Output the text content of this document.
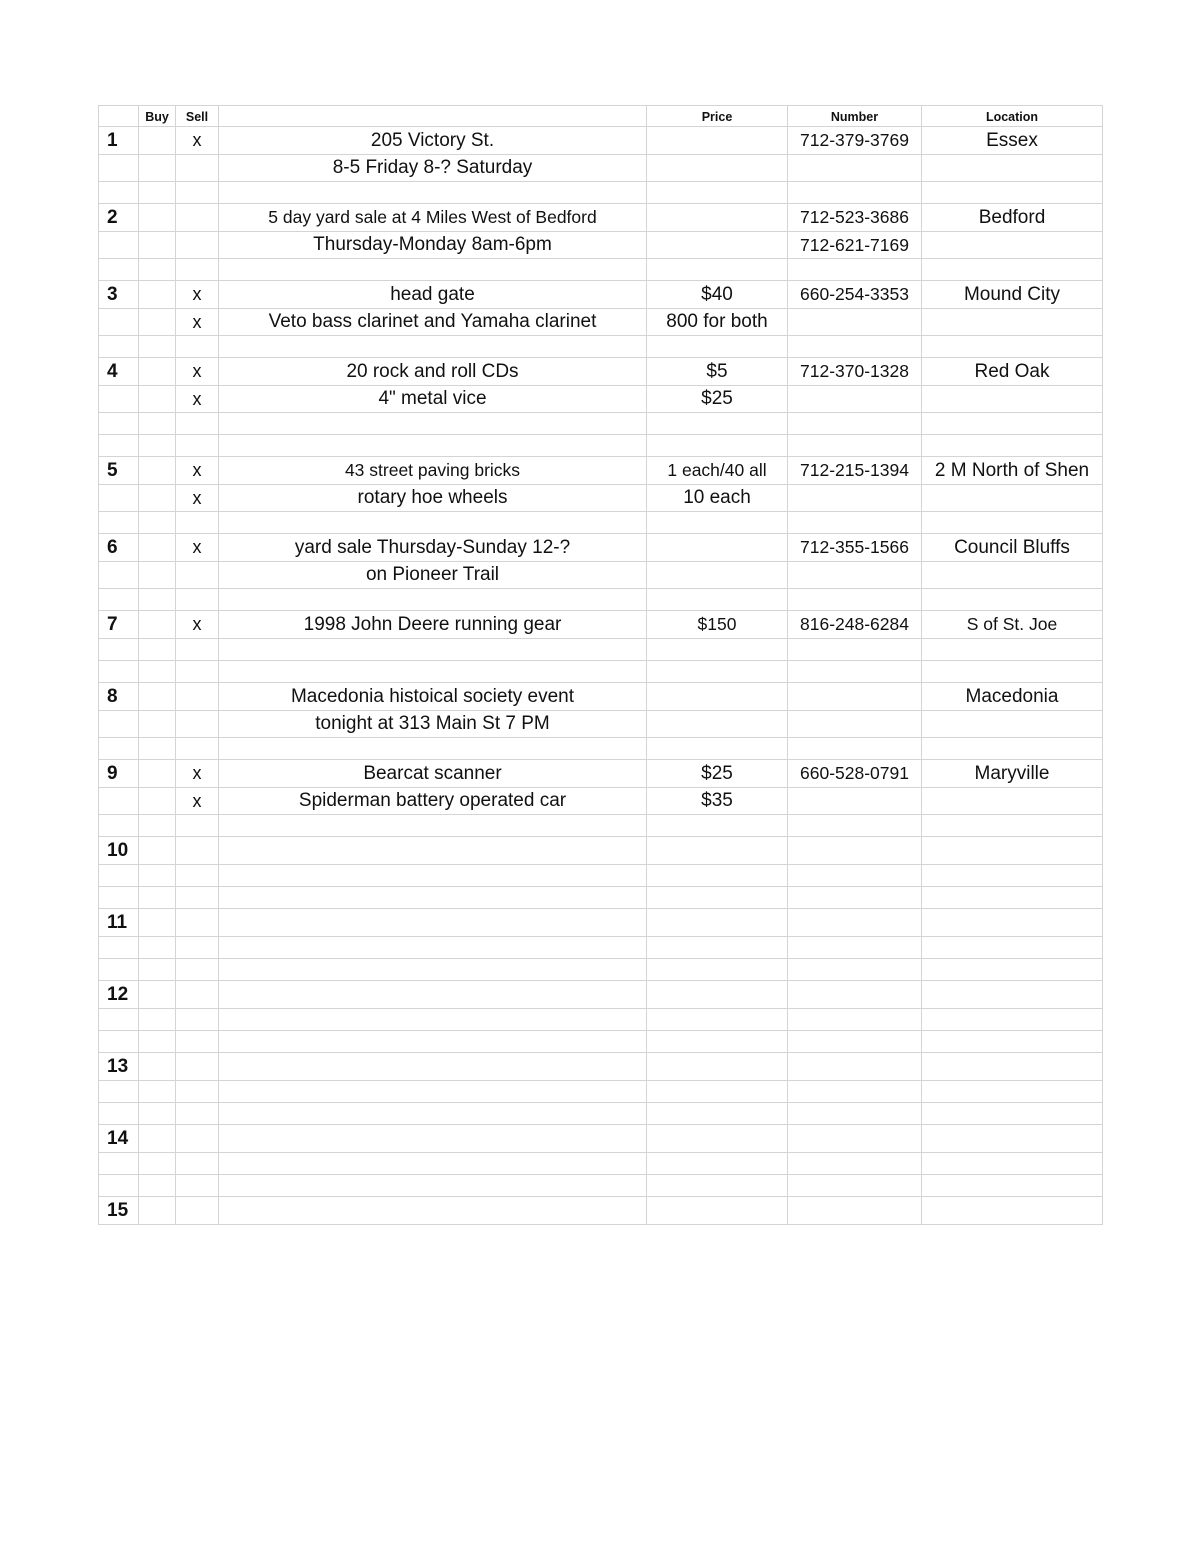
	Buy	Sell		Price	Number	Location
1		x	205 Victory St.		712-379-3769	Essex
			8-5 Friday 8-? Saturday			

2			5 day yard sale at 4 Miles West of Bedford		712-523-3686	Bedford
			Thursday-Monday 8am-6pm		712-621-7169	

3		x	head gate	$40	660-254-3353	Mound City
		x	Veto bass clarinet and Yamaha clarinet	800 for both		

4		x	20 rock and roll CDs	$5	712-370-1328	Red Oak
		x	4" metal vice	$25		

5		x	43 street paving bricks	1 each/40 all	712-215-1394	2 M North of Shen
		x	rotary hoe wheels	10 each		

6		x	yard sale Thursday-Sunday 12-?		712-355-1566	Council Bluffs
			on Pioneer Trail			

7		x	1998 John Deere running gear	$150	816-248-6284	S of St. Joe

8			Macedonia histoical society event			Macedonia
			tonight at 313 Main St 7 PM			

9		x	Bearcat scanner	$25	660-528-0791	Maryville
		x	Spiderman battery operated car	$35		

10						

11						

12						

13						

14						

15						
